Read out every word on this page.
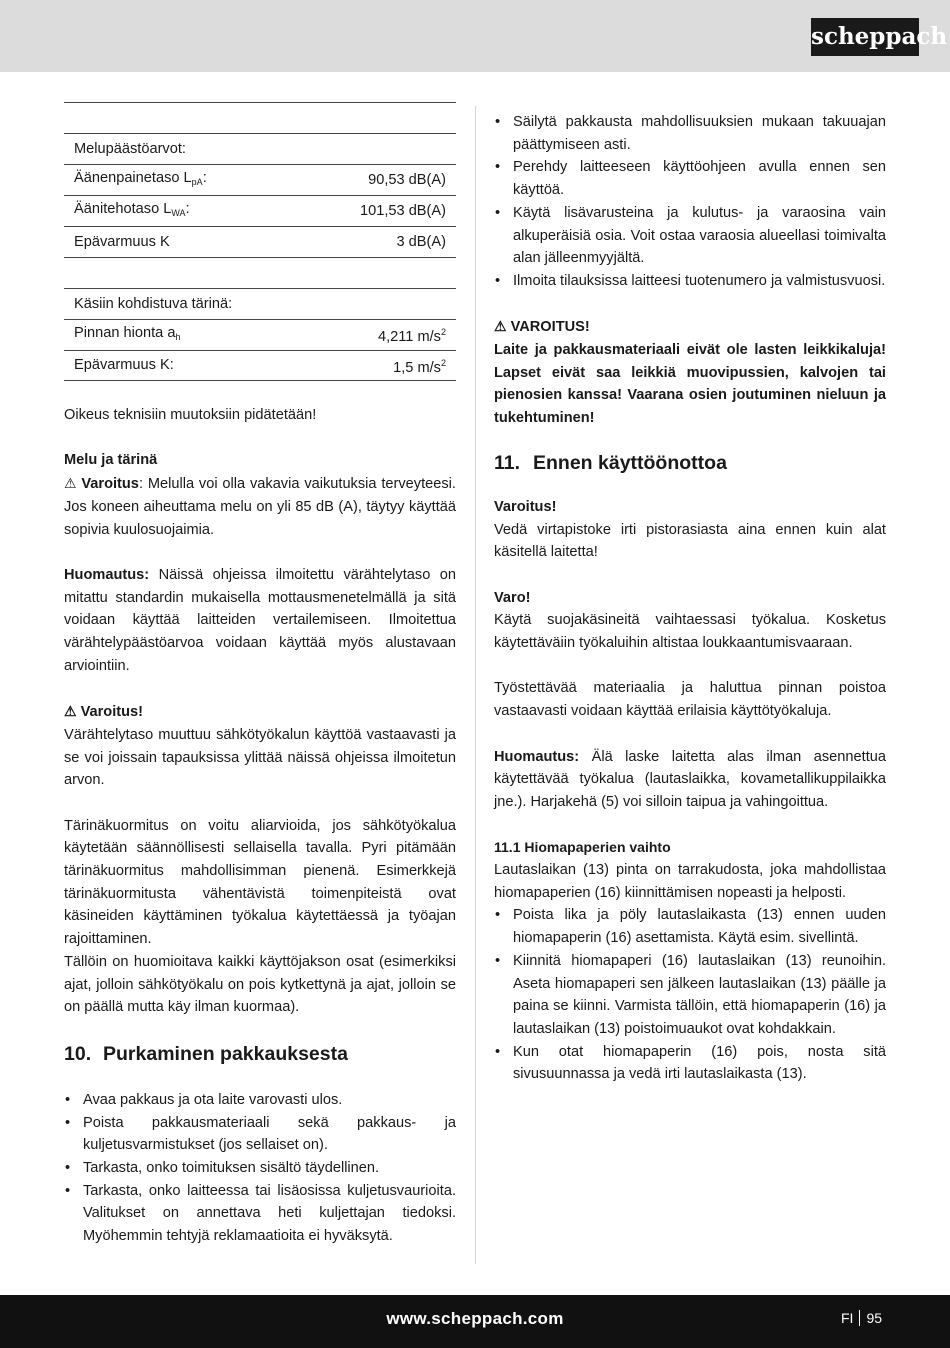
scheppach
Melupäästöarvot:
Äänenpainetaso $L_{pA}$:	90,53 dB(A)
Äänitehotaso $L_{WA}$:	101,53 dB(A)
Epävarmuus K	3 dB(A)
Käsiin kohdistuva tärinä:
Pinnan hionta $a_h$	4,211 $m/s^2$
Epävarmuus K:	1,5 $m/s^2$

Oikeus teknisiin muutoksiin pidätetään!

Melu ja tärinä

⚠ Varoitus: Melulla voi olla vakavia vaikutuksia terveyteesi. Jos koneen aiheuttama melu on yli 85 dB (A), täytyy käyttää sopivia kuulosuojaimia.

Huomautus: Näissä ohjeissa ilmoitettu värähtelytaso on mitattu standardin mukaisella mottausmenetelmällä ja sitä voidaan käyttää laitteiden vertailemiseen. Ilmoitettua värähtelypäästöarvoa voidaan käyttää myös alustavaan arviointiin.

⚠ Varoitus!

Värähtelytaso muuttuu sähkötyökalun käyttöä vastaavasti ja se voi joissain tapauksissa ylittää näissä ohjeissa ilmoitetun arvon.

Tärinäkuormitus on voitu aliarvioida, jos sähkötyökalua käytetään säännöllisesti sellaisella tavalla. Pyri pitämään tärinäkuormitus mahdollisimman pienenä. Esimerkkejä tärinäkuormitusta vähentävistä toimenpiteistä ovat käsineiden käyttäminen työkalua käytettäessä ja työajan rajoittaminen.

Tällöin on huomioitava kaikki käyttöjakson osat (esimerkiksi ajat, jolloin sähkötyökalu on pois kytkettynä ja ajat, jolloin se on päällä mutta käy ilman kuormaa).

10. Purkaminen pakkauksesta
• Avaa pakkaus ja ota laite varovasti ulos.
• Poista pakkausmateriaali sekä pakkaus- ja kuljetusvarmistukset (jos sellaiset on).
• Tarkasta, onko toimituksen sisältö täydellinen.
• Tarkasta, onko laitteessa tai lisäosissa kuljetusvaurioita. Valitukset on annettava heti kuljettajan tiedoksi. Myöhemmin tehtyjä reklamaatioita ei hyväksytä.
• Säilytä pakkausta mahdollisuuksien mukaan takuuajan päättymiseen asti.
• Perehdy laitteeseen käyttöohjeen avulla ennen sen käyttöä.
• Käytä lisävarusteina ja kulutus- ja varaosina vain alkuperäisiä osia. Voit ostaa varaosia alueellasi toimivalta alan jälleenmyyjältä.
• Ilmoita tilauksissa laitteesi tuotenumero ja valmistusvuosi.

⚠ VAROITUS!

Laite ja pakkausmateriaali eivät ole lasten leikkikaluja! Lapset eivät saa leikkiä muovipussien, kalvojen tai pienosien kanssa! Vaarana osien joutuminen nieluun ja tukehtuminen!

11. Ennen käyttöönottoa

Varoitus!

Vedä virtapistoke irti pistorasiasta aina ennen kuin alat käsitellä laitetta!

Varo!

Käytä suojakäsineitä vaihtaessasi työkalua. Kosketus käytettäväiin työkaluihin altistaa loukkaantumisvaaraan.

Työstettävää materiaalia ja haluttua pinnan poistoa vastaavasti voidaan käyttää erilaisia käyttötyökaluja.

Huomautus: Älä laske laitetta alas ilman asennettua käytettävää työkalua (lautaslaikka, kovametallikuppilaikka jne.). Harjakehä (5) voi silloin taipua ja vahingoittua.

11.1 Hiomapaperien vaihto

Lautaslaikan (13) pinta on tarrakudosta, joka mahdollistaa hiomapaperien (16) kiinnittämisen nopeasti ja helposti.

• Poista lika ja pöly lautaslaikasta (13) ennen uuden hiomapaperin (16) asettamista. Käytä esim. sivellintä.
• Kiinnitä hiomapaperi (16) lautaslaikan (13) reunoihin. Aseta hiomapaperi sen jälkeen lautaslaikan (13) päälle ja paina se kiinni. Varmista tällöin, että hiomapaperin (16) ja lautaslaikan (13) poistoimuaukot ovat kohdakkain.
• Kun otat hiomapaperin (16) pois, nosta sitä sivusuunnassa ja vedä irti lautaslaikasta (13).
www.scheppach.com	FI 95
